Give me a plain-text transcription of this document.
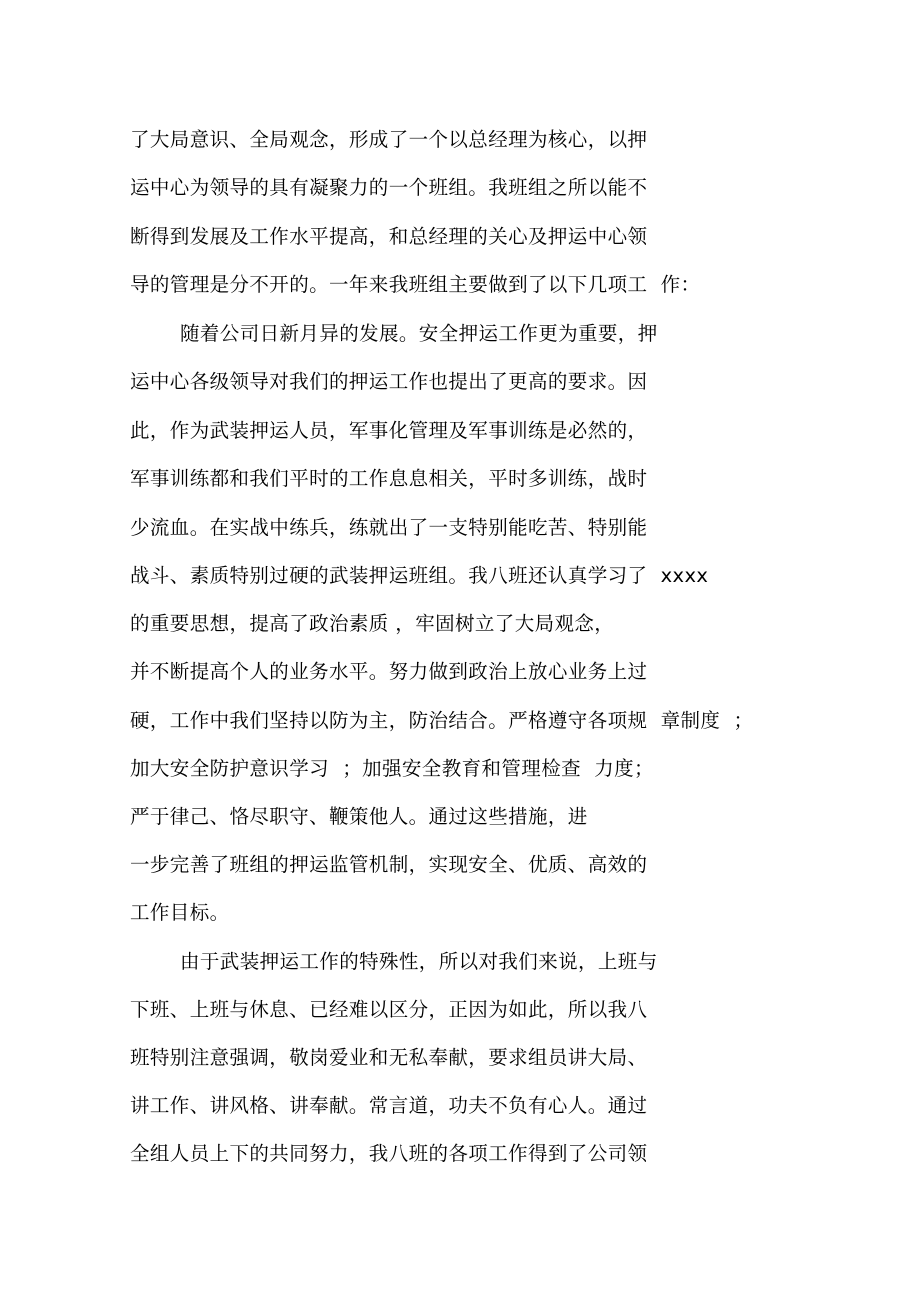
了大局意识、全局观念，形成了一个以总经理为核心，以押
运中心为领导的具有凝聚力的一个班组。我班组之所以能不
断得到发展及工作水平提高，和总经理的关心及押运中心领
导的管理是分不开的。一年来我班组主要做到了以下几项工  作：
随着公司日新月异的发展。安全押运工作更为重要，押
运中心各级领导对我们的押运工作也提出了更高的要求。因
此，作为武装押运人员，军事化管理及军事训练是必然的，
军事训练都和我们平时的工作息息相关，平时多训练，战时
少流血。在实战中练兵，练就出了一支特别能吃苦、特别能
战斗、素质特别过硬的武装押运班组。我八班还认真学习了  xxxx
的重要思想，提高了政治素质 ，牢固树立了大局观念，
并不断提高个人的业务水平。努力做到政治上放心业务上过
硬，工作中我们坚持以防为主，防治结合。严格遵守各项规  章制度  ；
加大安全防护意识学习  ；加强安全教育和管理检查  力度；
严于律己、恪尽职守、鞭策他人。通过这些措施，进
一步完善了班组的押运监管机制，实现安全、优质、高效的
工作目标。
由于武装押运工作的特殊性，所以对我们来说，上班与
下班、上班与休息、已经难以区分，正因为如此，所以我八
班特别注意强调，敬岗爱业和无私奉献，要求组员讲大局、
讲工作、讲风格、讲奉献。常言道，功夫不负有心人。通过
全组人员上下的共同努力，我八班的各项工作得到了公司领
